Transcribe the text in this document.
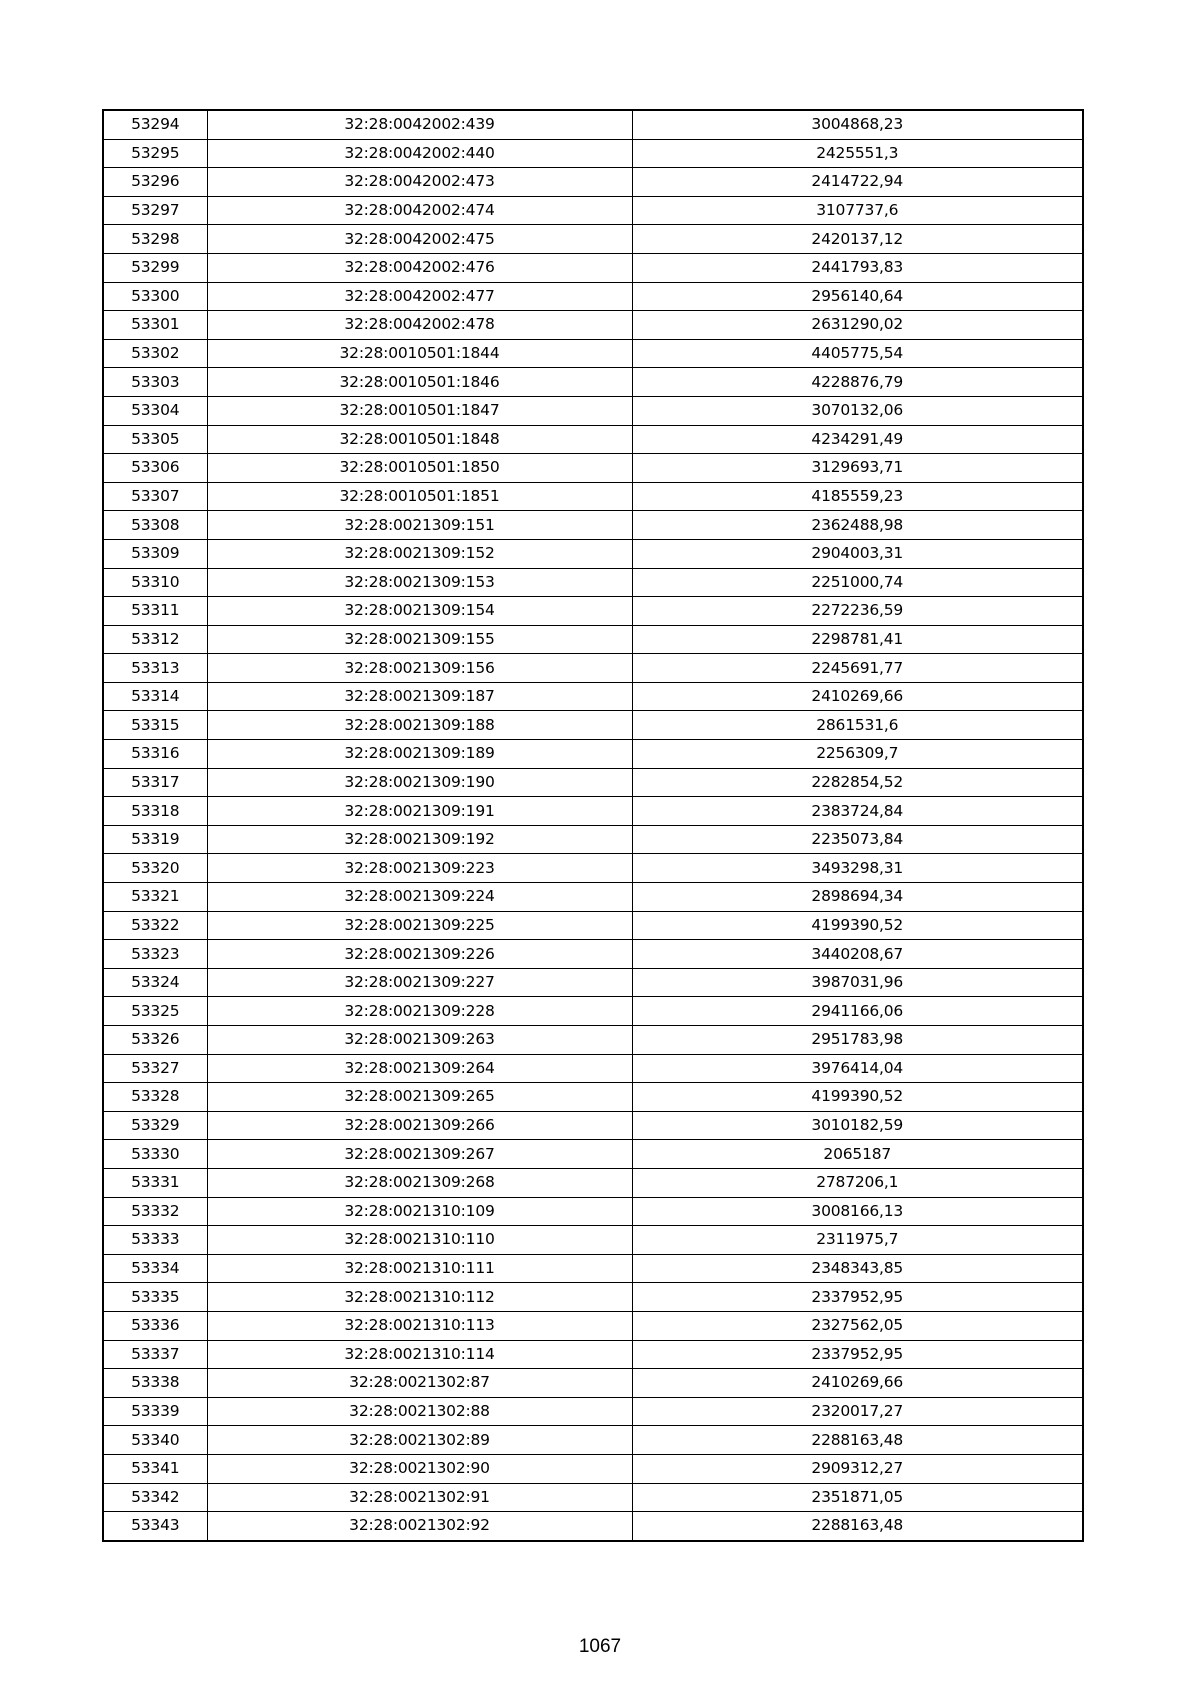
53294	32:28:0042002:439	3004868,23
53295	32:28:0042002:440	2425551,3
53296	32:28:0042002:473	2414722,94
53297	32:28:0042002:474	3107737,6
53298	32:28:0042002:475	2420137,12
53299	32:28:0042002:476	2441793,83
53300	32:28:0042002:477	2956140,64
53301	32:28:0042002:478	2631290,02
53302	32:28:0010501:1844	4405775,54
53303	32:28:0010501:1846	4228876,79
53304	32:28:0010501:1847	3070132,06
53305	32:28:0010501:1848	4234291,49
53306	32:28:0010501:1850	3129693,71
53307	32:28:0010501:1851	4185559,23
53308	32:28:0021309:151	2362488,98
53309	32:28:0021309:152	2904003,31
53310	32:28:0021309:153	2251000,74
53311	32:28:0021309:154	2272236,59
53312	32:28:0021309:155	2298781,41
53313	32:28:0021309:156	2245691,77
53314	32:28:0021309:187	2410269,66
53315	32:28:0021309:188	2861531,6
53316	32:28:0021309:189	2256309,7
53317	32:28:0021309:190	2282854,52
53318	32:28:0021309:191	2383724,84
53319	32:28:0021309:192	2235073,84
53320	32:28:0021309:223	3493298,31
53321	32:28:0021309:224	2898694,34
53322	32:28:0021309:225	4199390,52
53323	32:28:0021309:226	3440208,67
53324	32:28:0021309:227	3987031,96
53325	32:28:0021309:228	2941166,06
53326	32:28:0021309:263	2951783,98
53327	32:28:0021309:264	3976414,04
53328	32:28:0021309:265	4199390,52
53329	32:28:0021309:266	3010182,59
53330	32:28:0021309:267	2065187
53331	32:28:0021309:268	2787206,1
53332	32:28:0021310:109	3008166,13
53333	32:28:0021310:110	2311975,7
53334	32:28:0021310:111	2348343,85
53335	32:28:0021310:112	2337952,95
53336	32:28:0021310:113	2327562,05
53337	32:28:0021310:114	2337952,95
53338	32:28:0021302:87	2410269,66
53339	32:28:0021302:88	2320017,27
53340	32:28:0021302:89	2288163,48
53341	32:28:0021302:90	2909312,27
53342	32:28:0021302:91	2351871,05
53343	32:28:0021302:92	2288163,48
1067
